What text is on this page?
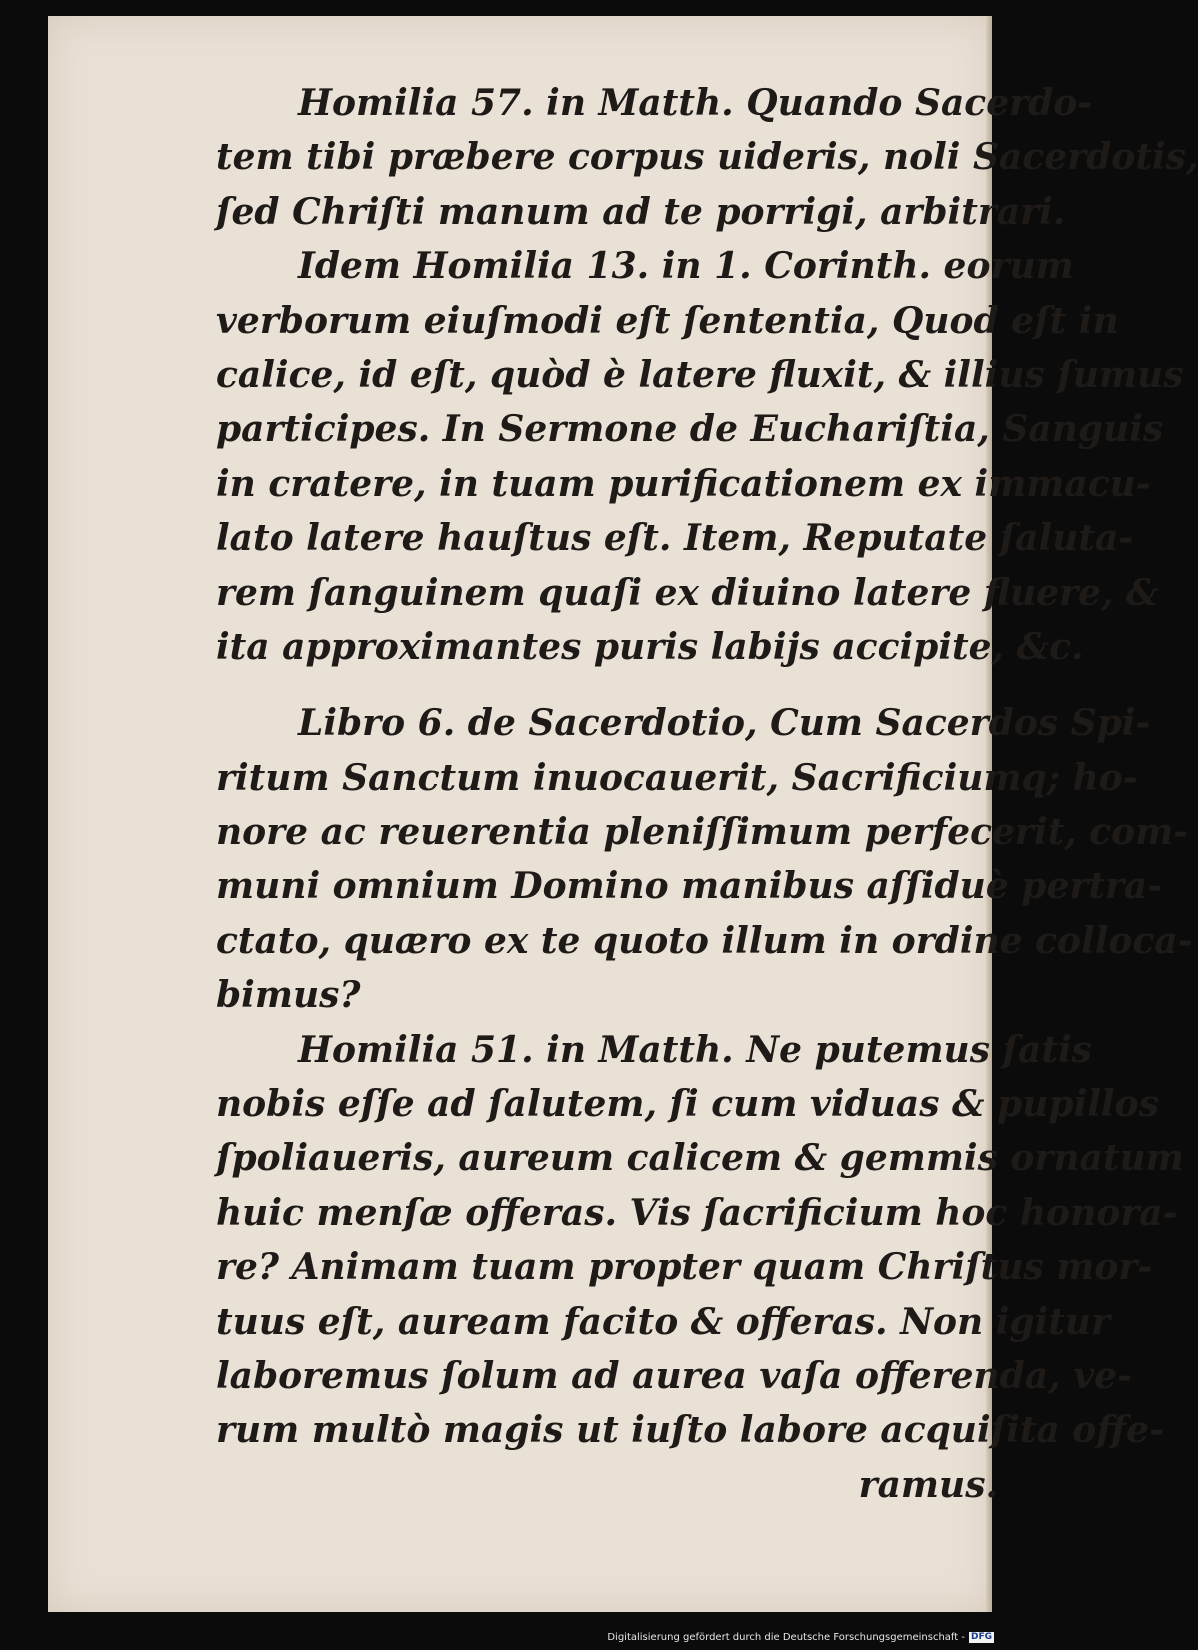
Homilia 57. in Matth. Quando Sacerdo-
tem tibi præbere corpus uideris, noli Sacerdotis,
ſed Chriſti manum ad te porrigi, arbitrari.
Idem Homilia 13. in 1. Corinth. eorum
verborum eiuſmodi eſt ſententia, Quod eſt in
calice, id eſt, quòd è latere fluxit, & illius ſumus
participes. In Sermone de Euchariſtia, Sanguis
in cratere, in tuam purificationem ex immacu-
lato latere hauſtus eſt. Item, Reputate ſaluta-
rem ſanguinem quaſi ex diuino latere fluere, &
ita approximantes puris labijs accipite, &c.
Libro 6. de Sacerdotio, Cum Sacerdos Spi-
ritum Sanctum inuocauerit, Sacrificiumq; ho-
nore ac reuerentia pleniſſimum perfecerit, com-
muni omnium Domino manibus aſſiduè pertra-
ctato, quæro ex te quoto illum in ordine colloca-
bimus?
Homilia 51. in Matth. Ne putemus ſatis
nobis eſſe ad ſalutem, ſi cum viduas & pupillos
ſpoliaueris, aureum calicem & gemmis ornatum
huic menſæ offeras. Vis ſacrificium hoc honora-
re? Animam tuam propter quam Chriſtus mor-
tuus eſt, auream facito & offeras. Non igitur
laboremus ſolum ad aurea vaſa offerenda, ve-
rum multò magis ut iuſto labore acquiſita offe-
ramus.
Digitalisierung gefördert durch die Deutsche Forschungsgemeinschaft - DFG
